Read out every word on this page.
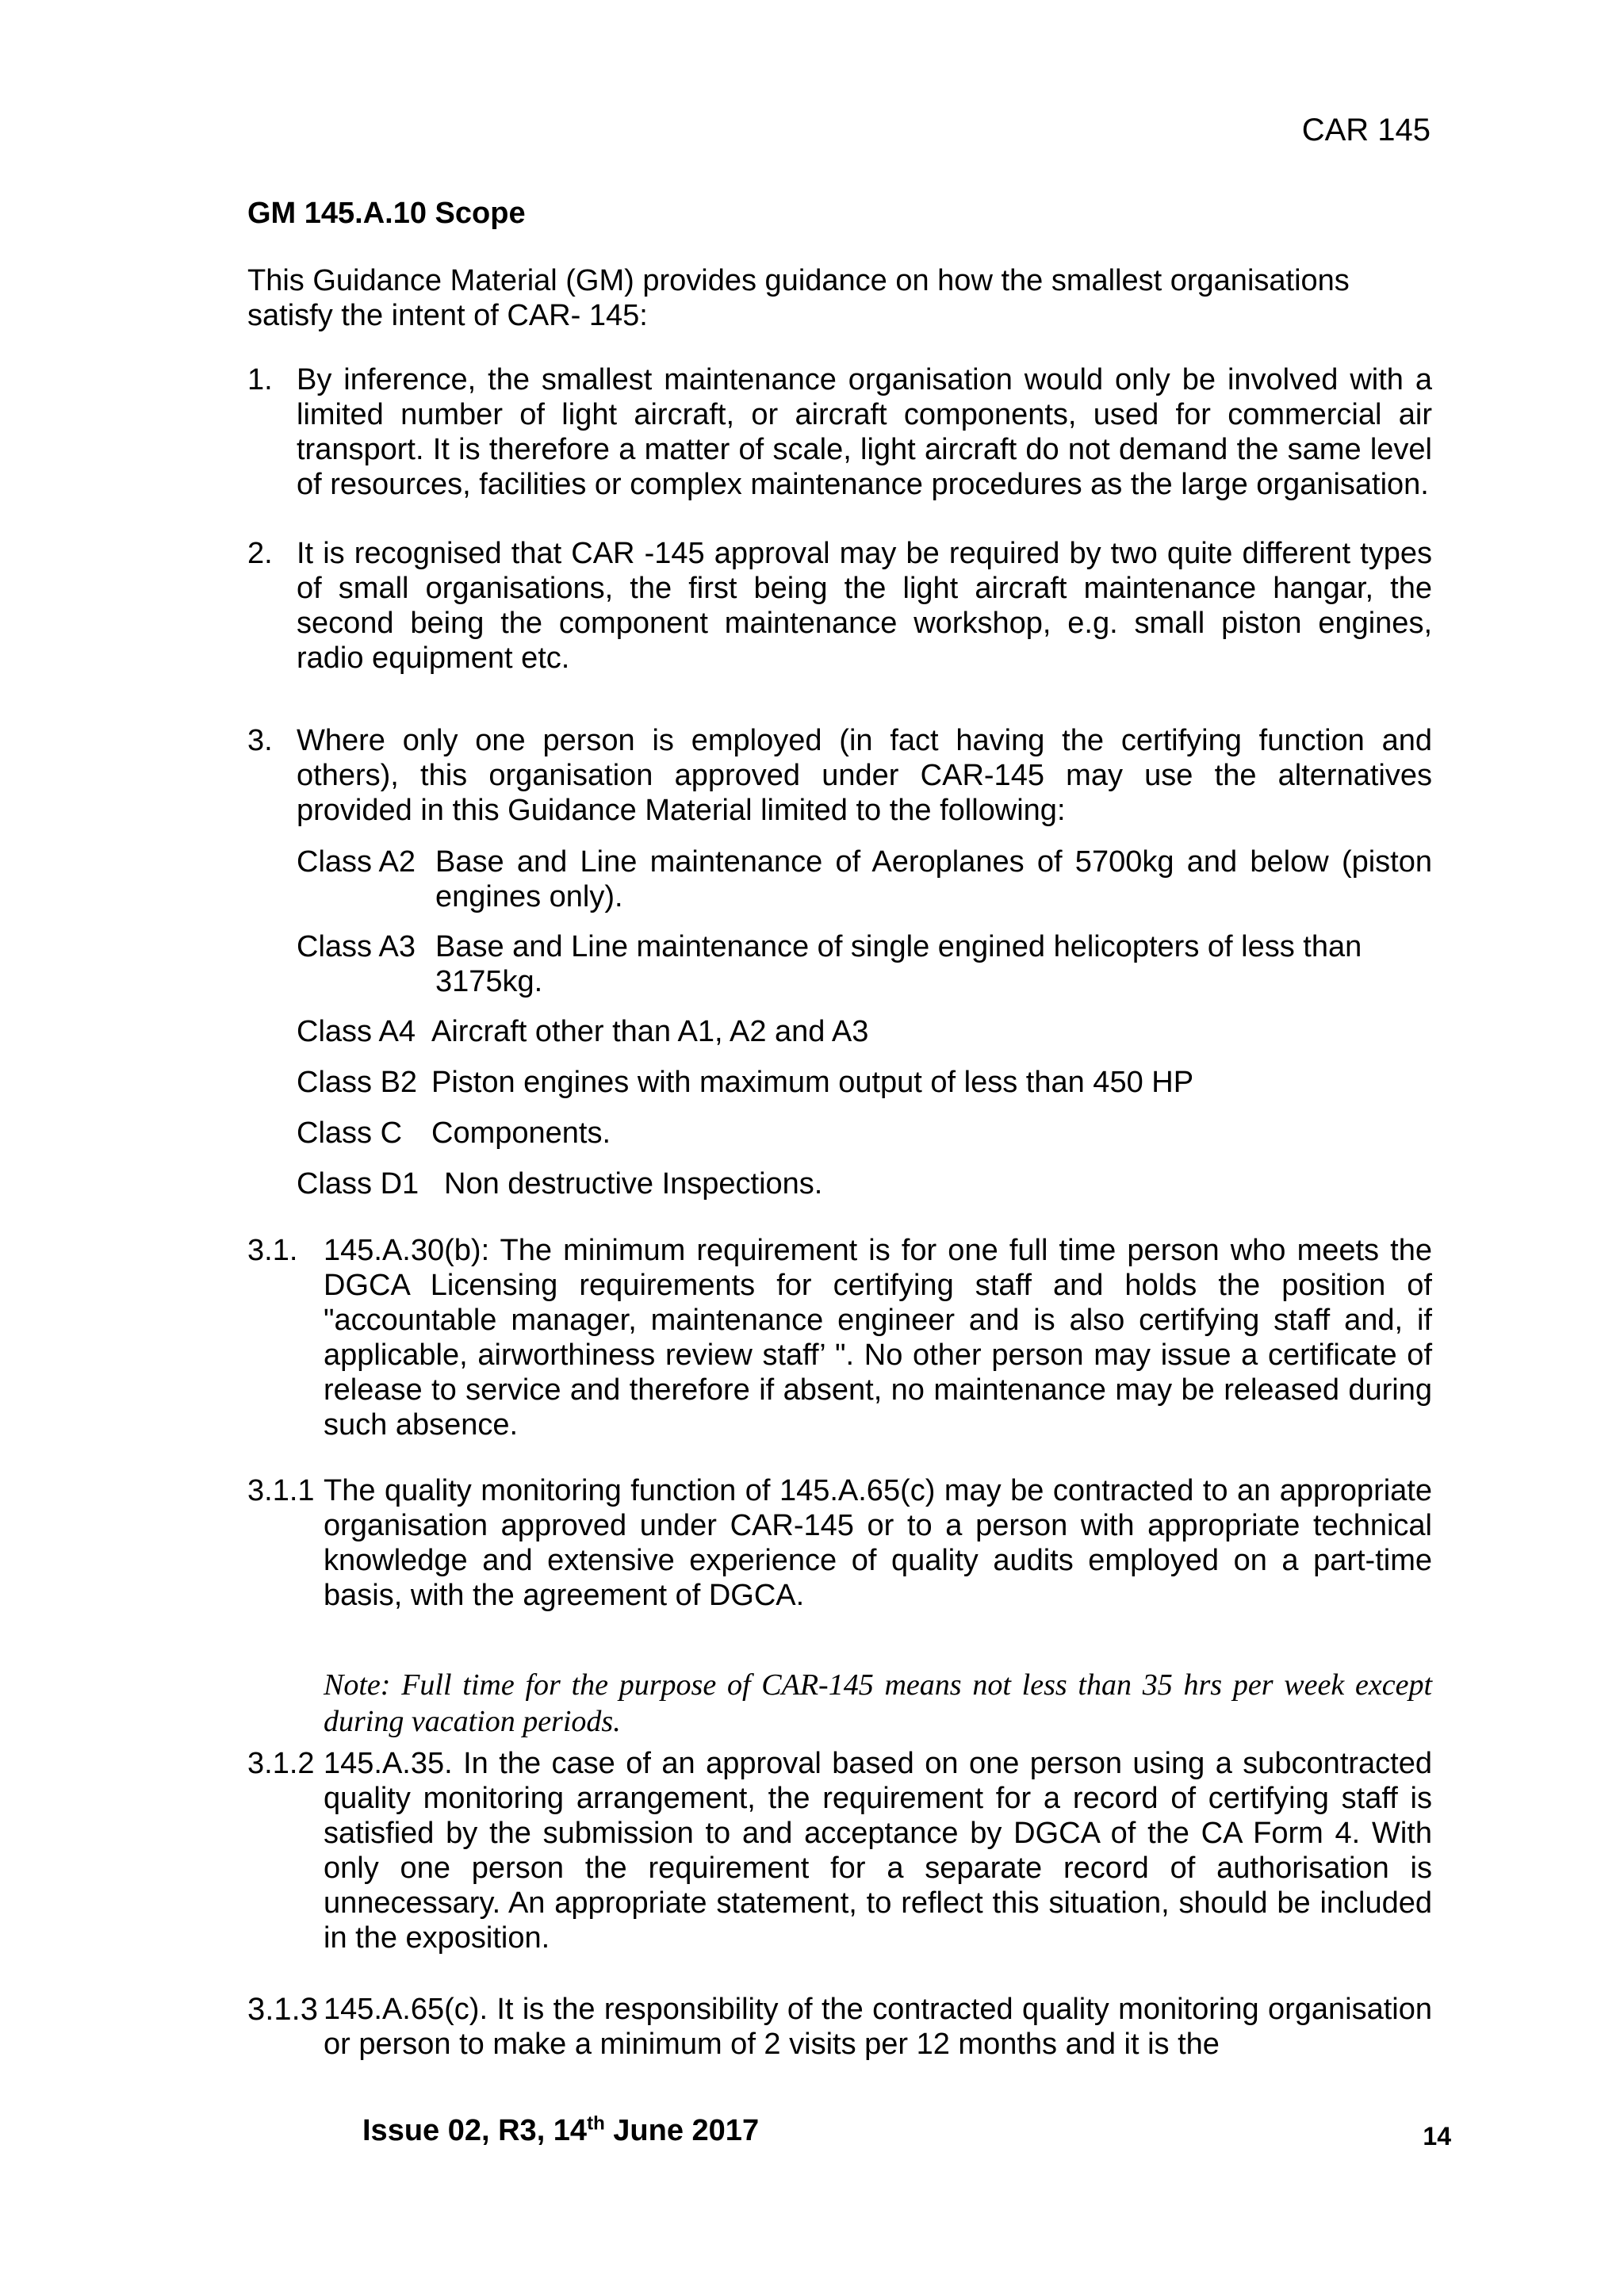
CAR 145
GM 145.A.10 Scope
This Guidance Material (GM) provides guidance on how the smallest organisations satisfy the intent of CAR- 145:
1. By inference, the smallest maintenance organisation would only be involved with a limited number of light aircraft, or aircraft components, used for commercial air transport. It is therefore a matter of scale, light aircraft do not demand the same level of resources, facilities or complex maintenance procedures as the large organisation.
2. It is recognised that CAR -145 approval may be required by two quite different types of small organisations, the first being the light aircraft maintenance hangar, the second being the component maintenance workshop, e.g. small piston engines, radio equipment etc.
3. Where only one person is employed (in fact having the certifying function and others), this organisation approved under CAR-145 may use the alternatives provided in this Guidance Material limited to the following:
Class A2 Base and Line maintenance of Aeroplanes of 5700kg and below (piston engines only).
Class A3 Base and Line maintenance of single engined helicopters of less than 3175kg.
Class A4 Aircraft other than A1, A2 and A3
Class B2 Piston engines with maximum output of less than 450 HP
Class C Components.
Class D1 Non destructive Inspections.
3.1. 145.A.30(b): The minimum requirement is for one full time person who meets the DGCA Licensing requirements for certifying staff and holds the position of "accountable manager, maintenance engineer and is also certifying staff and, if applicable, airworthiness review staff’ ". No other person may issue a certificate of release to service and therefore if absent, no maintenance may be released during such absence.
3.1.1 The quality monitoring function of 145.A.65(c) may be contracted to an appropriate organisation approved under CAR-145 or to a person with appropriate technical knowledge and extensive experience of quality audits employed on a part-time basis, with the agreement of DGCA.
Note: Full time for the purpose of CAR-145 means not less than 35 hrs per week except during vacation periods.
3.1.2 145.A.35. In the case of an approval based on one person using a subcontracted quality monitoring arrangement, the requirement for a record of certifying staff is satisfied by the submission to and acceptance by DGCA of the CA Form 4. With only one person the requirement for a separate record of authorisation is unnecessary. An appropriate statement, to reflect this situation, should be included in the exposition.
3.1.3 145.A.65(c). It is the responsibility of the contracted quality monitoring organisation or person to make a minimum of 2 visits per 12 months and it is the
Issue 02, R3, 14th June 2017	14
